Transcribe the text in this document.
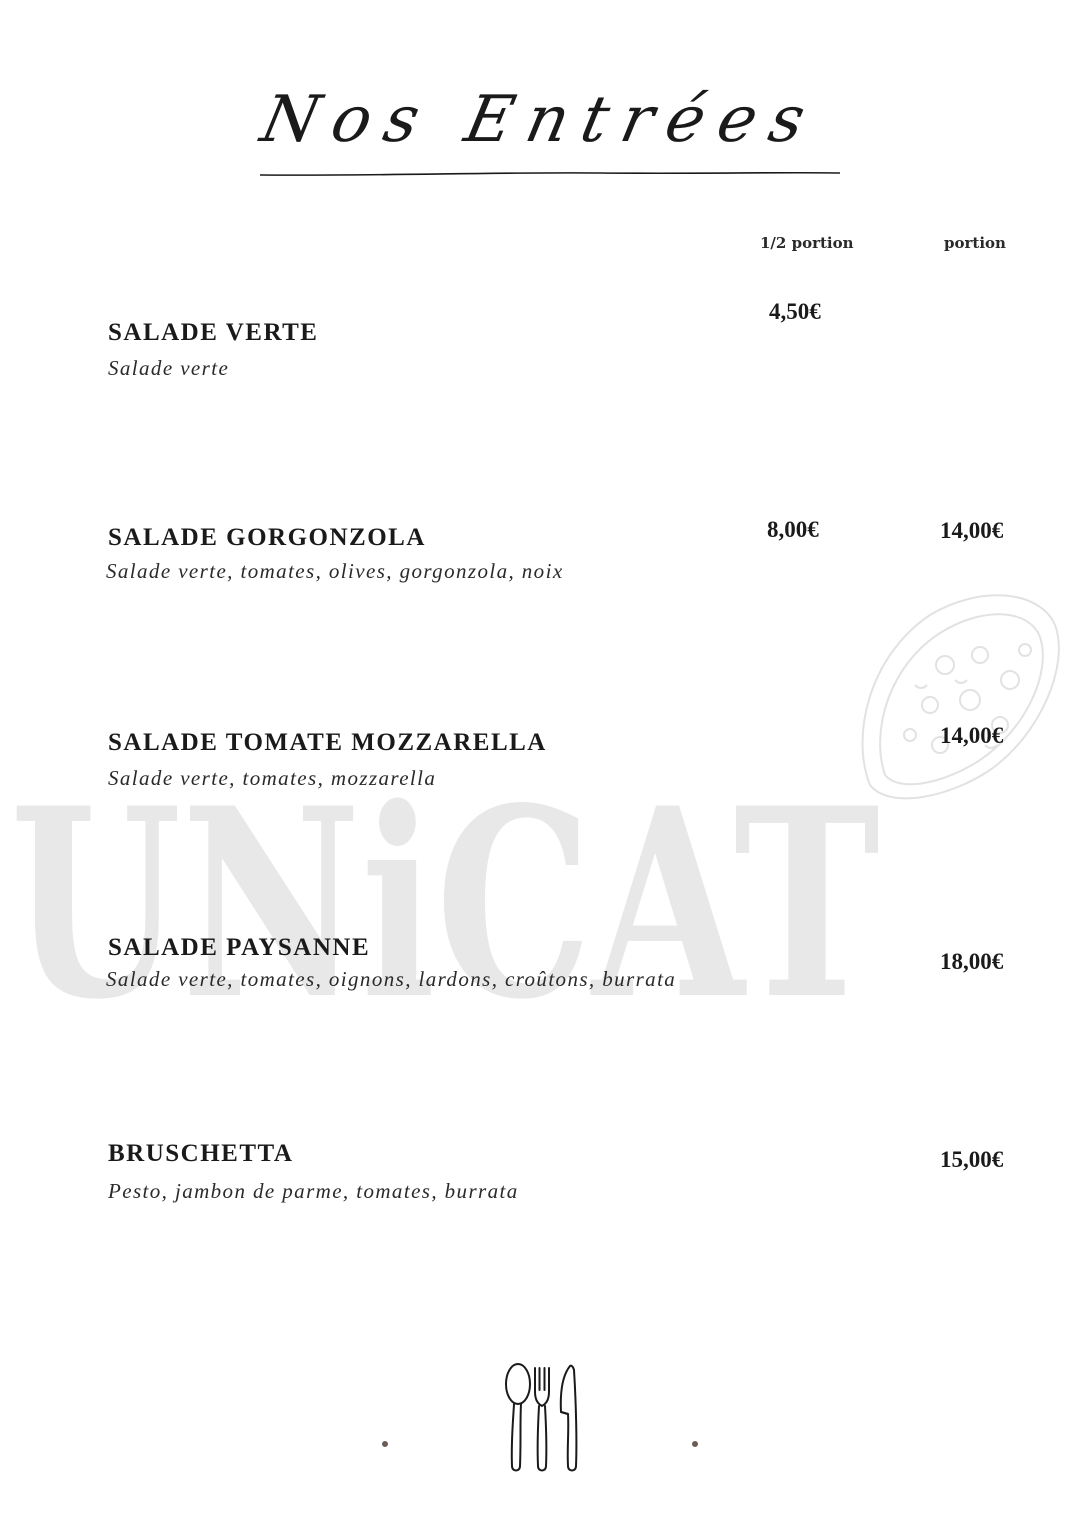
UNiCAT
Nos Entrées
1/2 portion	portion
SALADE VERTE
Salade verte
4,50€
SALADE GORGONZOLA
Salade verte, tomates, olives, gorgonzola, noix
8,00€	14,00€
SALADE TOMATE MOZZARELLA
Salade verte, tomates, mozzarella
14,00€
SALADE PAYSANNE
Salade verte, tomates, oignons, lardons, croûtons, burrata
18,00€
BRUSCHETTA
Pesto, jambon de parme, tomates, burrata
15,00€
